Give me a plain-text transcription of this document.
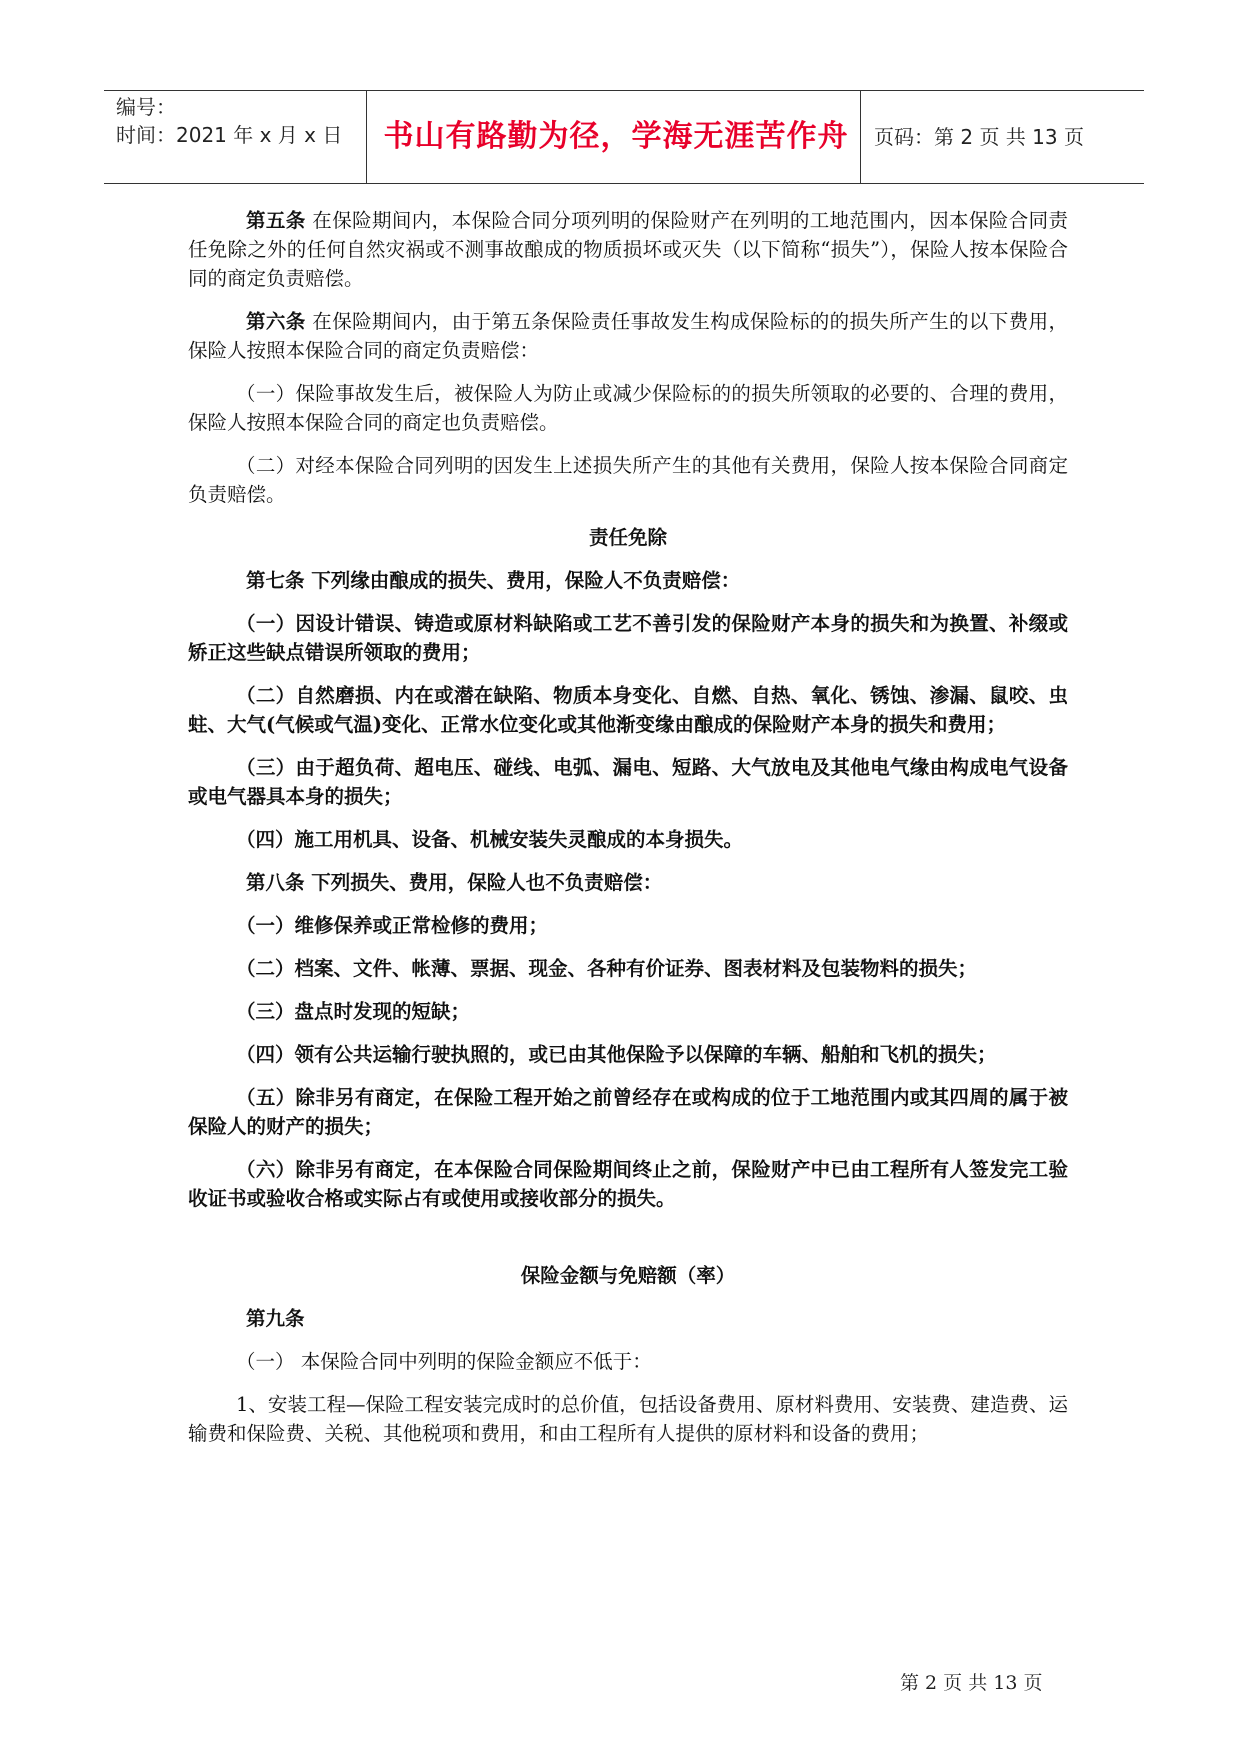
编号：
时间：2021 年 x 月 x 日	书山有路勤为径，学海无涯苦作舟	页码：第 2 页 共 13 页

第五条 在保险期间内，本保险合同分项列明的保险财产在列明的工地范围内，因本保险合同责任免除之外的任何自然灾祸或不测事故酿成的物质损坏或灭失（以下简称“损失”），保险人按本保险合同的商定负责赔偿。

第六条 在保险期间内，由于第五条保险责任事故发生构成保险标的的损失所产生的以下费用，保险人按照本保险合同的商定负责赔偿：

（一）保险事故发生后，被保险人为防止或减少保险标的的损失所领取的必要的、合理的费用，保险人按照本保险合同的商定也负责赔偿。

（二）对经本保险合同列明的因发生上述损失所产生的其他有关费用，保险人按本保险合同商定负责赔偿。

责任免除

第七条 下列缘由酿成的损失、费用，保险人不负责赔偿：

（一）因设计错误、铸造或原材料缺陷或工艺不善引发的保险财产本身的损失和为换置、补缀或矫正这些缺点错误所领取的费用；

（二）自然磨损、内在或潜在缺陷、物质本身变化、自燃、自热、氧化、锈蚀、渗漏、鼠咬、虫蛀、大气(气候或气温)变化、正常水位变化或其他渐变缘由酿成的保险财产本身的损失和费用；

（三）由于超负荷、超电压、碰线、电弧、漏电、短路、大气放电及其他电气缘由构成电气设备或电气器具本身的损失；

（四）施工用机具、设备、机械安装失灵酿成的本身损失。

第八条 下列损失、费用，保险人也不负责赔偿：

（一）维修保养或正常检修的费用；

（二）档案、文件、帐薄、票据、现金、各种有价证券、图表材料及包装物料的损失；

（三）盘点时发现的短缺；

（四）领有公共运输行驶执照的，或已由其他保险予以保障的车辆、船舶和飞机的损失；

（五）除非另有商定，在保险工程开始之前曾经存在或构成的位于工地范围内或其四周的属于被保险人的财产的损失；

（六）除非另有商定，在本保险合同保险期间终止之前，保险财产中已由工程所有人签发完工验收证书或验收合格或实际占有或使用或接收部分的损失。

保险金额与免赔额（率）

第九条

（一） 本保险合同中列明的保险金额应不低于：

1、安装工程—保险工程安装完成时的总价值，包括设备费用、原材料费用、安装费、建造费、运输费和保险费、关税、其他税项和费用，和由工程所有人提供的原材料和设备的费用；

第 2 页 共 13 页
